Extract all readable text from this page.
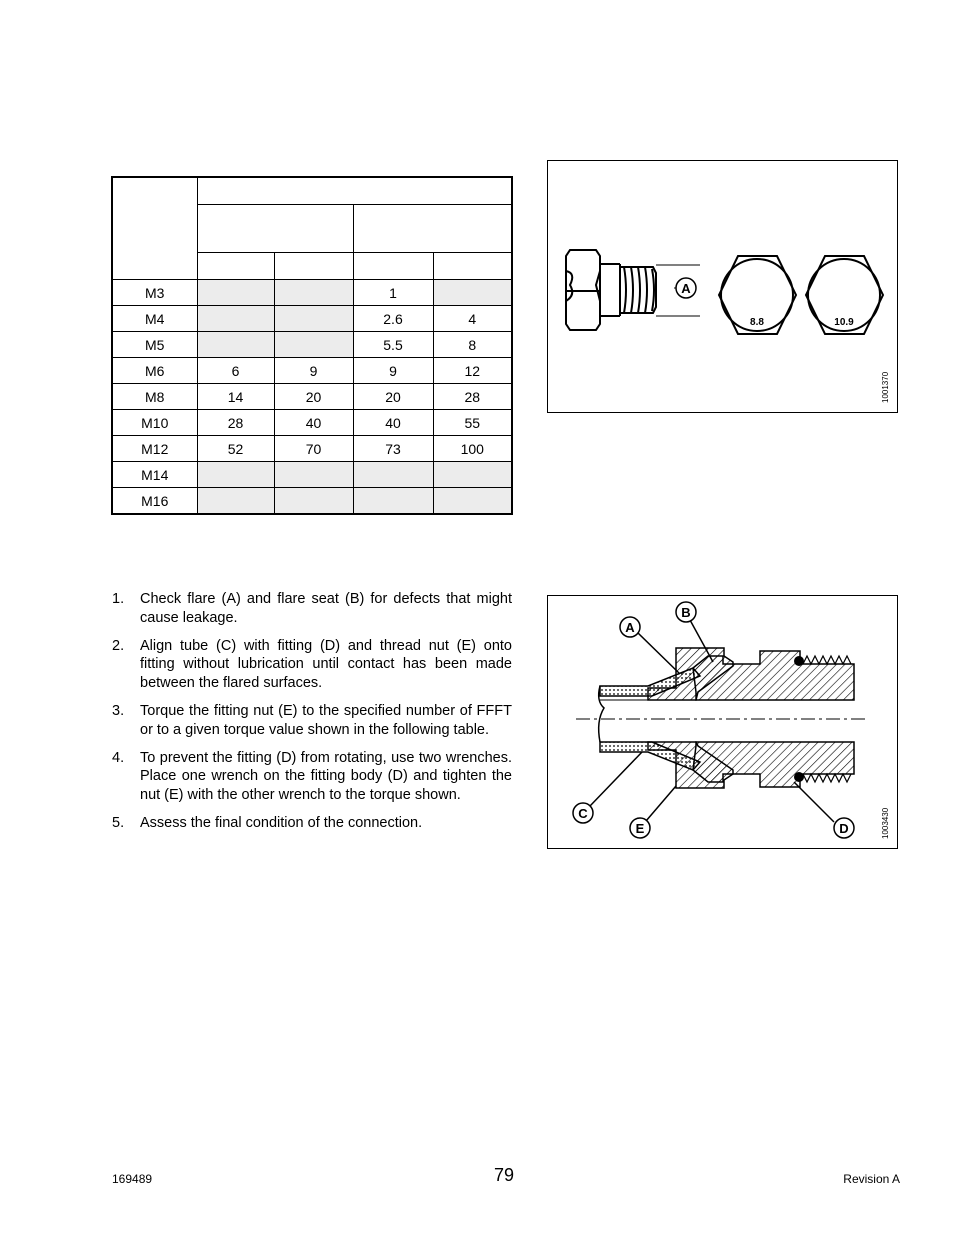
M3			1	
M4			2.6	4
M5			5.5	8
M6	6	9	9	12
M8	14	20	20	28
M10	28	40	40	55
M12	52	70	73	100
M14				
M16				
A
8.8	10.9
1001370
1. Check flare (A) and flare seat (B) for defects that might cause leakage.
2. Align tube (C) with fitting (D) and thread nut (E) onto fitting without lubrication until contact has been made between the flared surfaces.
3. Torque the fitting nut (E) to the specified number of FFFT or to a given torque value shown in the following table.
4. To prevent the fitting (D) from rotating, use two wrenches. Place one wrench on the fitting body (D) and tighten the nut (E) with the other wrench to the torque shown.
5. Assess the final condition of the connection.
A
B
C
E	D	1003430
169489	79	Revision A
